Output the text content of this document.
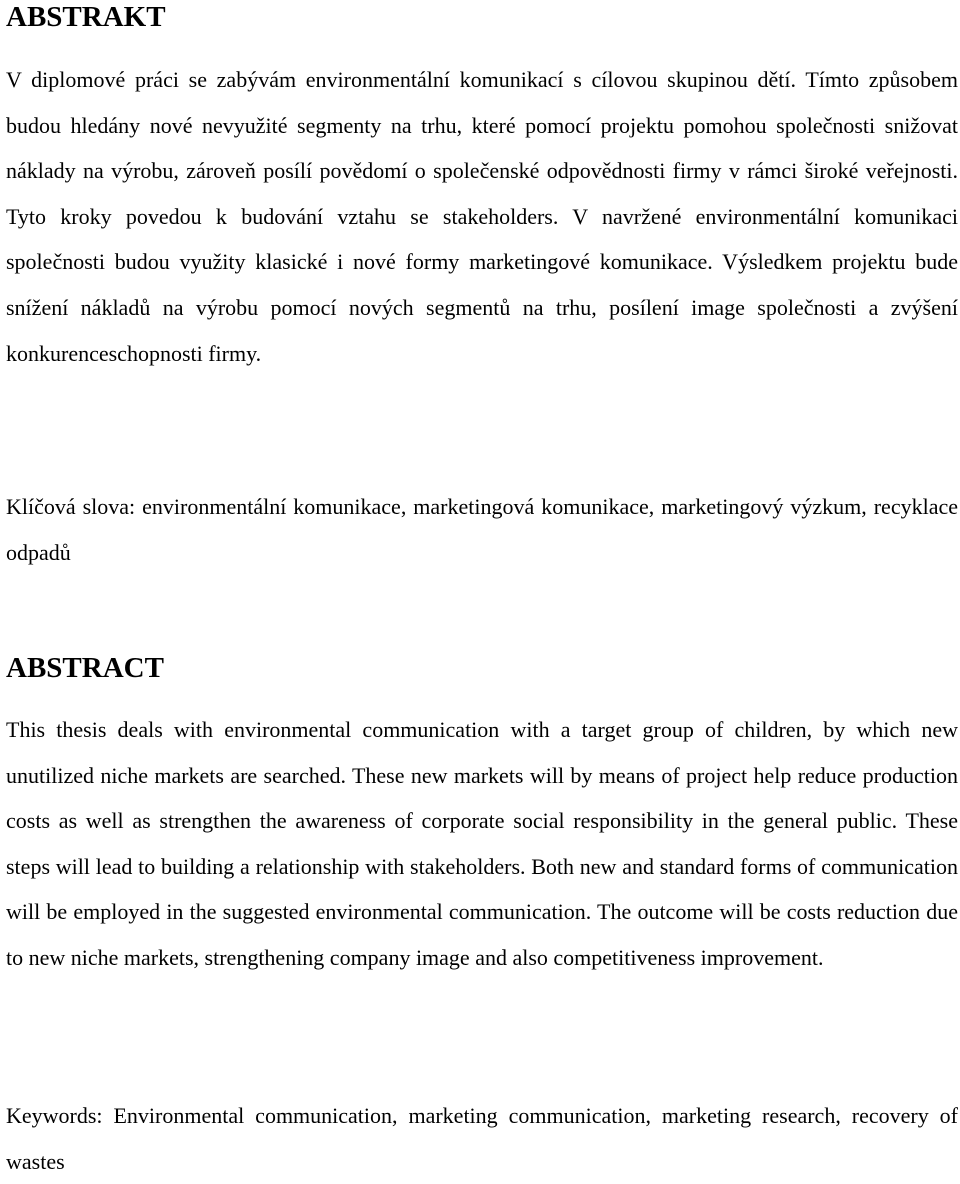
ABSTRAKT

V diplomové práci se zabývám environmentální komunikací s cílovou skupinou dětí. Tímto způsobem budou hledány nové nevyužité segmenty na trhu, které pomocí projektu pomohou společnosti snižovat náklady na výrobu, zároveň posílí povědomí o společenské odpovědnosti firmy v rámci široké veřejnosti. Tyto kroky povedou k budování vztahu se stakeholders. V navržené environmentální komunikaci společnosti budou využity klasické i nové formy marketingové komunikace. Výsledkem projektu bude snížení nákladů na výrobu pomocí nových segmentů na trhu, posílení image společnosti a zvýšení konkurenceschopnosti firmy.

Klíčová slova: environmentální komunikace, marketingová komunikace, marketingový výzkum, recyklace odpadů

ABSTRACT

This thesis deals with environmental communication with a target group of children, by which new unutilized niche markets are searched. These new markets will by means of project help reduce production costs as well as strengthen the awareness of corporate social responsibility in the general public. These steps will lead to building a relationship with stakeholders. Both new and standard forms of communication will be employed in the suggested environmental communication. The outcome will be costs reduction due to new niche markets, strengthening company image and also competitiveness improvement.

Keywords: Environmental communication, marketing communication, marketing research, recovery of wastes
